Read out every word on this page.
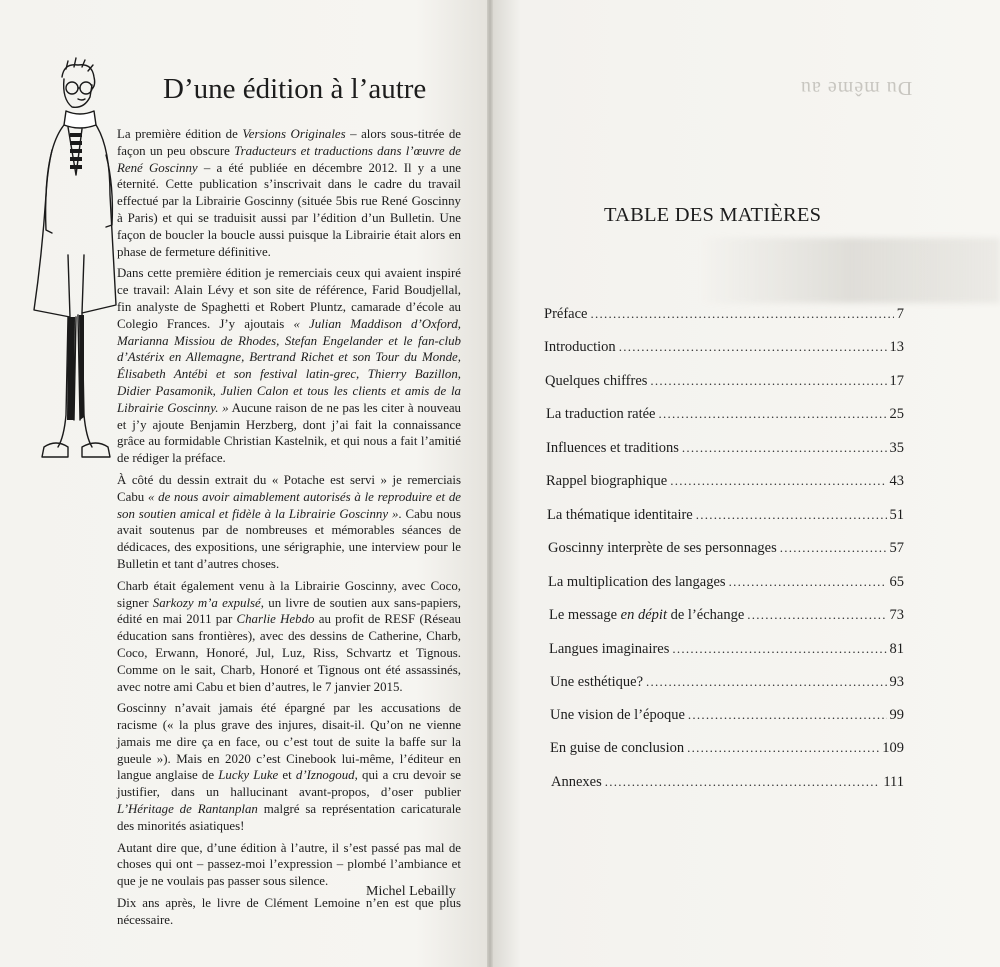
Du même au
D’une édition à l’autre

La première édition de Versions Originales – alors sous-titrée de façon un peu obscure Traducteurs et traductions dans l’œuvre de René Goscinny – a été publiée en décembre 2012. Il y a une éternité. Cette publication s’inscrivait dans le cadre du travail effectué par la Librairie Goscinny (située 5bis rue René Goscinny à Paris) et qui se traduisit aussi par l’édition d’un Bulletin. Une façon de boucler la boucle aussi puisque la Librairie était alors en phase de fermeture définitive.

Dans cette première édition je remerciais ceux qui avaient inspiré ce travail: Alain Lévy et son site de référence, Farid Boudjellal, fin analyste de Spaghetti et Robert Pluntz, camarade d’école au Colegio Frances. J’y ajoutais « Julian Maddison d’Oxford, Marianna Missiou de Rhodes, Stefan Engelander et le fan-club d’Astérix en Allemagne, Bertrand Richet et son Tour du Monde, Élisabeth Antébi et son festival latin-grec, Thierry Bazillon, Didier Pasamonik, Julien Calon et tous les clients et amis de la Librairie Goscinny. » Aucune raison de ne pas les citer à nouveau et j’y ajoute Benjamin Herzberg, dont j’ai fait la connaissance grâce au formidable Christian Kastelnik, et qui nous a fait l’amitié de rédiger la préface.

À côté du dessin extrait du « Potache est servi » je remerciais Cabu « de nous avoir aimablement autorisés à le reproduire et de son soutien amical et fidèle à la Librairie Goscinny ». Cabu nous avait soutenus par de nombreuses et mémorables séances de dédicaces, des expositions, une sérigraphie, une interview pour le Bulletin et tant d’autres choses.

Charb était également venu à la Librairie Goscinny, avec Coco, signer Sarkozy m’a expulsé, un livre de soutien aux sans-papiers, édité en mai 2011 par Charlie Hebdo au profit de RESF (Réseau éducation sans frontières), avec des dessins de Catherine, Charb, Coco, Erwann, Honoré, Jul, Luz, Riss, Schvartz et Tignous. Comme on le sait, Charb, Honoré et Tignous ont été assassinés, avec notre ami Cabu et bien d’autres, le 7 janvier 2015.

Goscinny n’avait jamais été épargné par les accusations de racisme (« la plus grave des injures, disait-il. Qu’on ne vienne jamais me dire ça en face, ou c’est tout de suite la baffe sur la gueule »). Mais en 2020 c’est Cinebook lui-même, l’éditeur en langue anglaise de Lucky Luke et d’Iznogoud, qui a cru devoir se justifier, dans un hallucinant avant-propos, d’oser publier L’Héritage de Rantanplan malgré sa représentation caricaturale des minorités asiatiques!

Autant dire que, d’une édition à l’autre, il s’est passé pas mal de choses qui ont – passez-moi l’expression – plombé l’ambiance et que je ne voulais pas passer sous silence.

Dix ans après, le livre de Clément Lemoine n’en est que plus nécessaire.

Michel Lebailly
TABLE DES MATIÈRES
Préface . . .	7
Introduction . . .	13
Quelques chiffres . . .	17
La traduction ratée . . .	25
Influences et traditions . . .	35
Rappel biographique . . .	43
La thématique identitaire . . .	51
Goscinny interprète de ses personnages . . .	57
La multiplication des langages . . .	65
Le message en dépit de l’échange . . .	73
Langues imaginaires . . .	81
Une esthétique? . . .	93
Une vision de l’époque . . .	99
En guise de conclusion . . .	109
Annexes . . .	111
